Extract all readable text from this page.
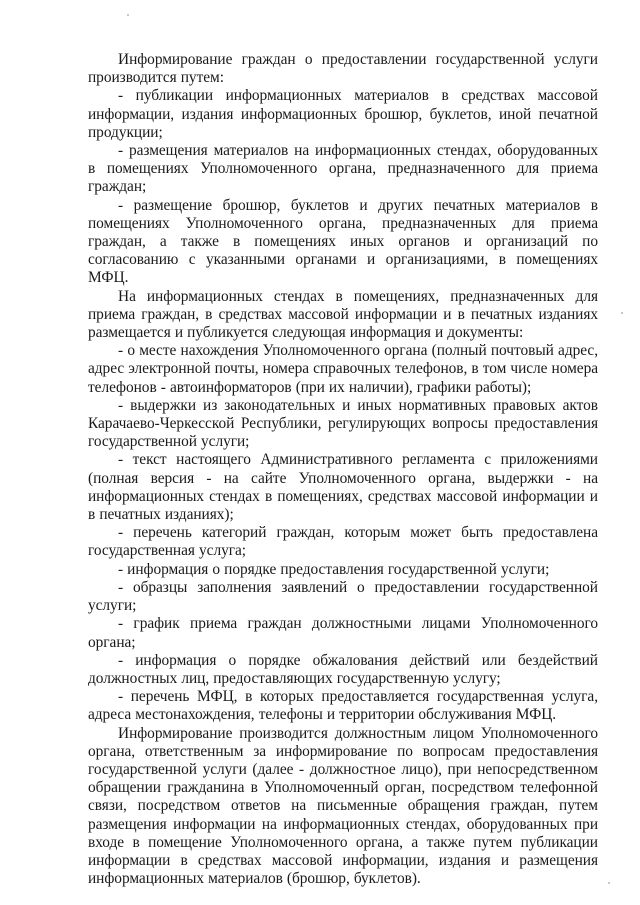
Информирование граждан о предоставлении государственной услуги производится путем:

- публикации информационных материалов в средствах массовой информации, издания информационных брошюр, буклетов, иной печатной продукции;

- размещения материалов на информационных стендах, оборудованных в помещениях Уполномоченного органа, предназначенного для приема граждан;

- размещение брошюр, буклетов и других печатных материалов в помещениях Уполномоченного органа, предназначенных для приема граждан, а также в помещениях иных органов и организаций по согласованию с указанными органами и организациями, в помещениях МФЦ.

На информационных стендах в помещениях, предназначенных для приема граждан, в средствах массовой информации и в печатных изданиях размещается и публикуется следующая информация и документы:

- о месте нахождения Уполномоченного органа (полный почтовый адрес, адрес электронной почты, номера справочных телефонов, в том числе номера телефонов - автоинформаторов (при их наличии), графики работы);

- выдержки из законодательных и иных нормативных правовых актов Карачаево-Черкесской Республики, регулирующих вопросы предоставления государственной услуги;

- текст настоящего Административного регламента с приложениями (полная версия - на сайте Уполномоченного органа, выдержки - на информационных стендах в помещениях, средствах массовой информации и в печатных изданиях);

- перечень категорий граждан, которым может быть предоставлена государственная услуга;

- информация о порядке предоставления государственной услуги;

- образцы заполнения заявлений о предоставлении государственной услуги;

- график приема граждан должностными лицами Уполномоченного органа;

- информация о порядке обжалования действий или бездействий должностных лиц, предоставляющих государственную услугу;

- перечень МФЦ, в которых предоставляется государственная услуга, адреса местонахождения, телефоны и территории обслуживания МФЦ.

Информирование производится должностным лицом Уполномоченного органа, ответственным за информирование по вопросам предоставления государственной услуги (далее - должностное лицо), при непосредственном обращении гражданина в Уполномоченный орган, посредством телефонной связи, посредством ответов на письменные обращения граждан, путем размещения информации на информационных стендах, оборудованных при входе в помещение Уполномоченного органа, а также путем публикации информации в средствах массовой информации, издания и размещения информационных материалов (брошюр, буклетов).
